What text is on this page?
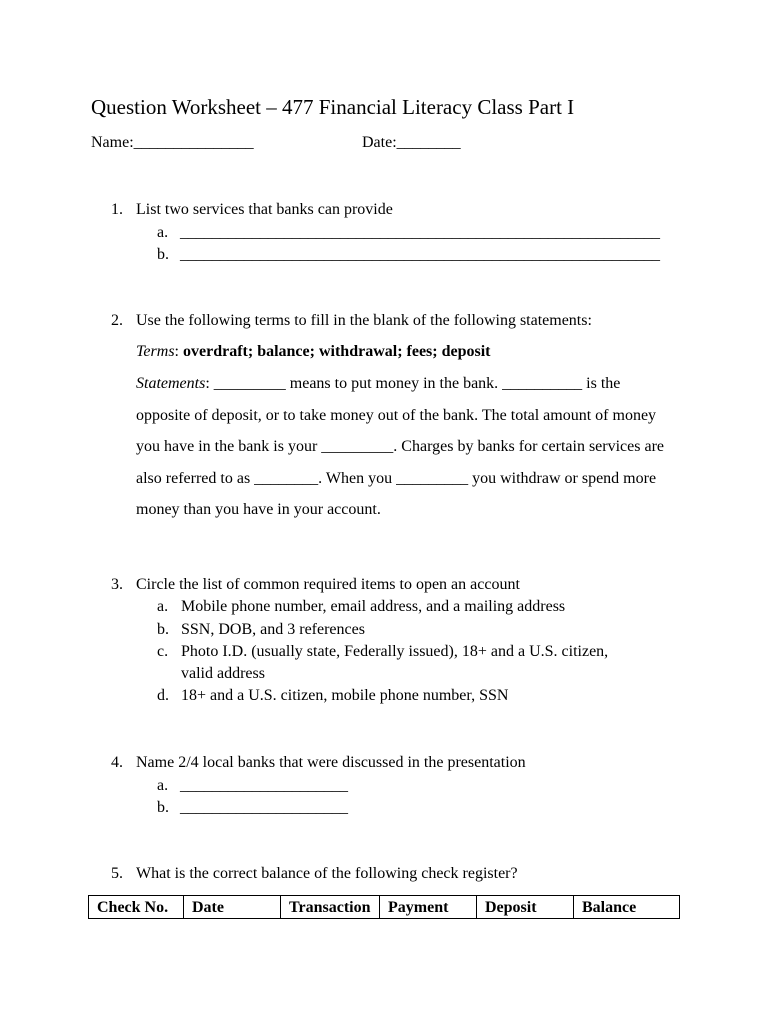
Question Worksheet – 477 Financial Literacy Class Part I
Name:_______________	Date:________
1. List two services that banks can provide
a. ____________________________________________________________
b. ____________________________________________________________
2. Use the following terms to fill in the blank of the following statements:
Terms: overdraft; balance; withdrawal; fees; deposit
Statements: _________ means to put money in the bank. __________ is the opposite of deposit, or to take money out of the bank. The total amount of money you have in the bank is your _________. Charges by banks for certain services are also referred to as ________. When you _________ you withdraw or spend more money than you have in your account.
3. Circle the list of common required items to open an account
a. Mobile phone number, email address, and a mailing address
b. SSN, DOB, and 3 references
c. Photo I.D. (usually state, Federally issued), 18+ and a U.S. citizen,
valid address
d. 18+ and a U.S. citizen, mobile phone number, SSN
4. Name 2/4 local banks that were discussed in the presentation
a. _____________________
b. _____________________
5. What is the correct balance of the following check register?
Check No.	Date	Transaction	Payment	Deposit	Balance
